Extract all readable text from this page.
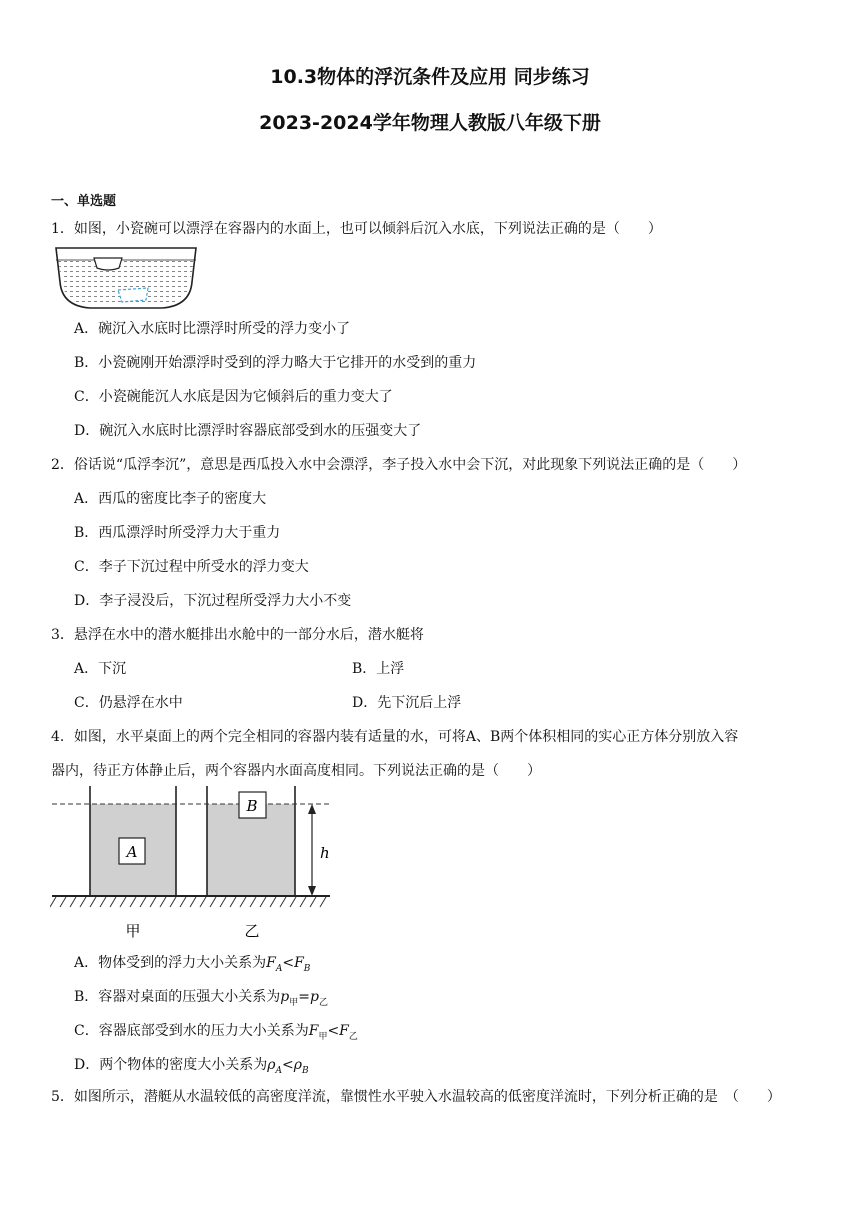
10.3物体的浮沉条件及应用 同步练习
2023-2024学年物理人教版八年级下册
一、单选题
1．如图，小瓷碗可以漂浮在容器内的水面上，也可以倾斜后沉入水底，下列说法正确的是（　　）
A．碗沉入水底时比漂浮时所受的浮力变小了
B．小瓷碗刚开始漂浮时受到的浮力略大于它排开的水受到的重力
C．小瓷碗能沉人水底是因为它倾斜后的重力变大了
D．碗沉入水底时比漂浮时容器底部受到水的压强变大了
2．俗话说“瓜浮李沉”，意思是西瓜投入水中会漂浮，李子投入水中会下沉，对此现象下列说法正确的是（　　）
A．西瓜的密度比李子的密度大
B．西瓜漂浮时所受浮力大于重力
C．李子下沉过程中所受水的浮力变大
D．李子浸没后，下沉过程所受浮力大小不变
3．悬浮在水中的潜水艇排出水舱中的一部分水后，潜水艇将
A．下沉	B．上浮
C．仍悬浮在水中	D．先下沉后上浮
4．如图，水平桌面上的两个完全相同的容器内装有适量的水，可将A、B两个体积相同的实心正方体分别放入容
器内，待正方体静止后，两个容器内水面高度相同。下列说法正确的是（　　）
A
B
h
甲	乙
A．物体受到的浮力大小关系为$F_A<F_B$
B．容器对桌面的压强大小关系为$p_甲=p_乙$
C．容器底部受到水的压力大小关系为$F_甲<F_乙$
D．两个物体的密度大小关系为$\rho_A<\rho_B$
5．如图所示，潜艇从水温较低的高密度洋流，靠惯性水平驶入水温较高的低密度洋流时，下列分析正确的是　（　　）
